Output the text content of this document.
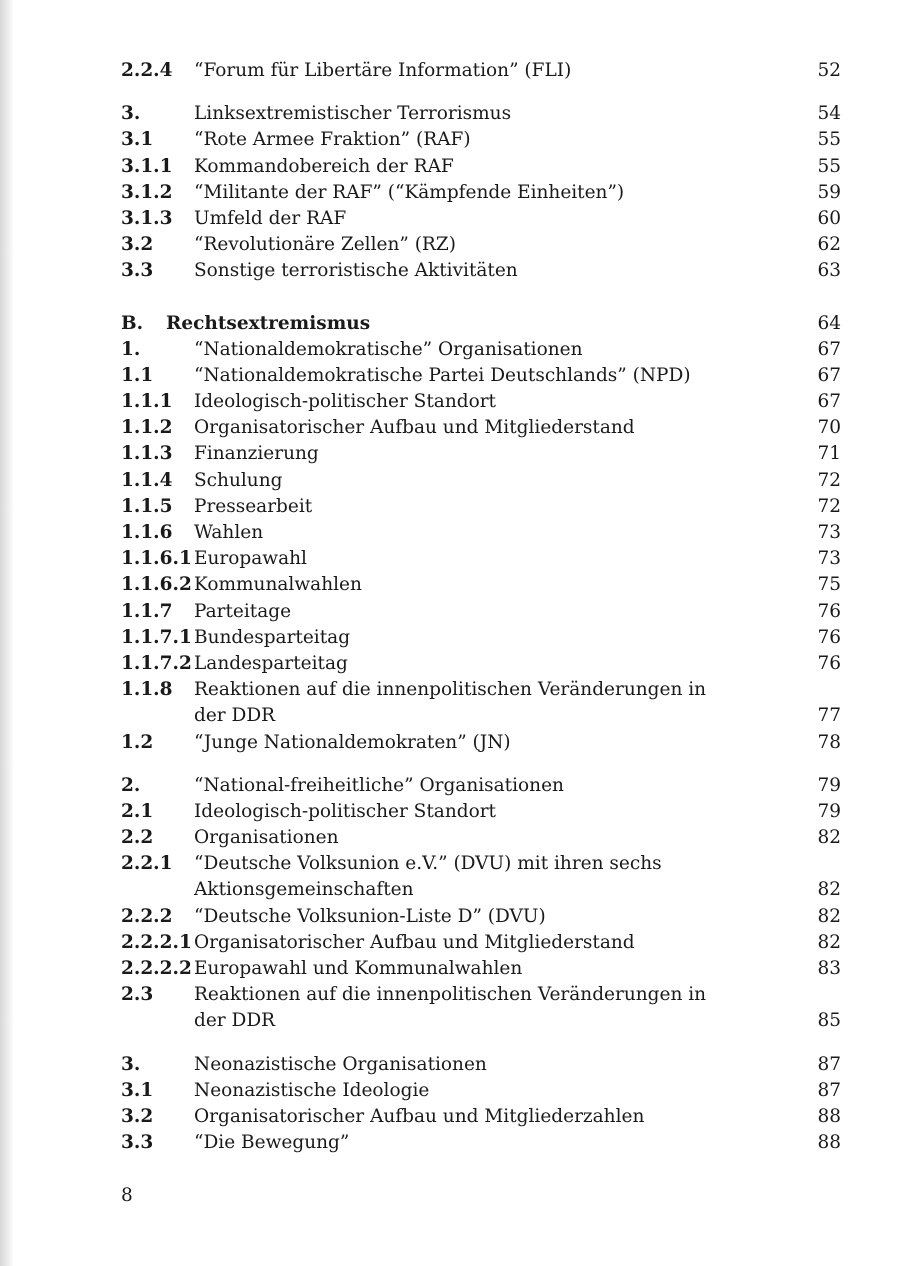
2.2.4 “Forum für Libertäre Information” (FLI)	52
3.	Linksextremistischer Terrorismus	54
3.1 “Rote Armee Fraktion” (RAF)	55
3.1.1 Kommandobereich der RAF	55
3.1.2 “Militante der RAF” (“Kämpfende Einheiten”)	59
3.1.3 Umfeld der RAF	60
3.2 “Revolutionäre Zellen” (RZ)	62
3.3 Sonstige terroristische Aktivitäten	63
B. Rechtsextremismus	64
1.	“Nationaldemokratische” Organisationen	67
1.1 “Nationaldemokratische Partei Deutschlands” (NPD)	67
1.1.1 Ideologisch-politischer Standort	67
1.1.2 Organisatorischer Aufbau und Mitgliederstand	70
1.1.3 Finanzierung	71
1.1.4 Schulung	72
1.1.5 Pressearbeit	72
1.1.6 Wahlen	73
1.1.6.1 Europawahl	73
1.1.6.2 Kommunalwahlen	75
1.1.7 Parteitage	76
1.1.7.1 Bundesparteitag	76
1.1.7.2 Landesparteitag	76
1.1.8 Reaktionen auf die innenpolitischen Veränderungen in der DDR	77
1.2 “Junge Nationaldemokraten” (JN)	78
2.	“National-freiheitliche” Organisationen	79
2.1 Ideologisch-politischer Standort	79
2.2 Organisationen	82
2.2.1 “Deutsche Volksunion e.V.” (DVU) mit ihren sechs Aktionsgemeinschaften	82
2.2.2 “Deutsche Volksunion-Liste D” (DVU)	82
2.2.2.1 Organisatorischer Aufbau und Mitgliederstand	82
2.2.2.2 Europawahl und Kommunalwahlen	83
2.3 Reaktionen auf die innenpolitischen Veränderungen in der DDR	85
3.	Neonazistische Organisationen	87
3.1 Neonazistische Ideologie	87
3.2 Organisatorischer Aufbau und Mitgliederzahlen	88
3.3 “Die Bewegung”	88
8
